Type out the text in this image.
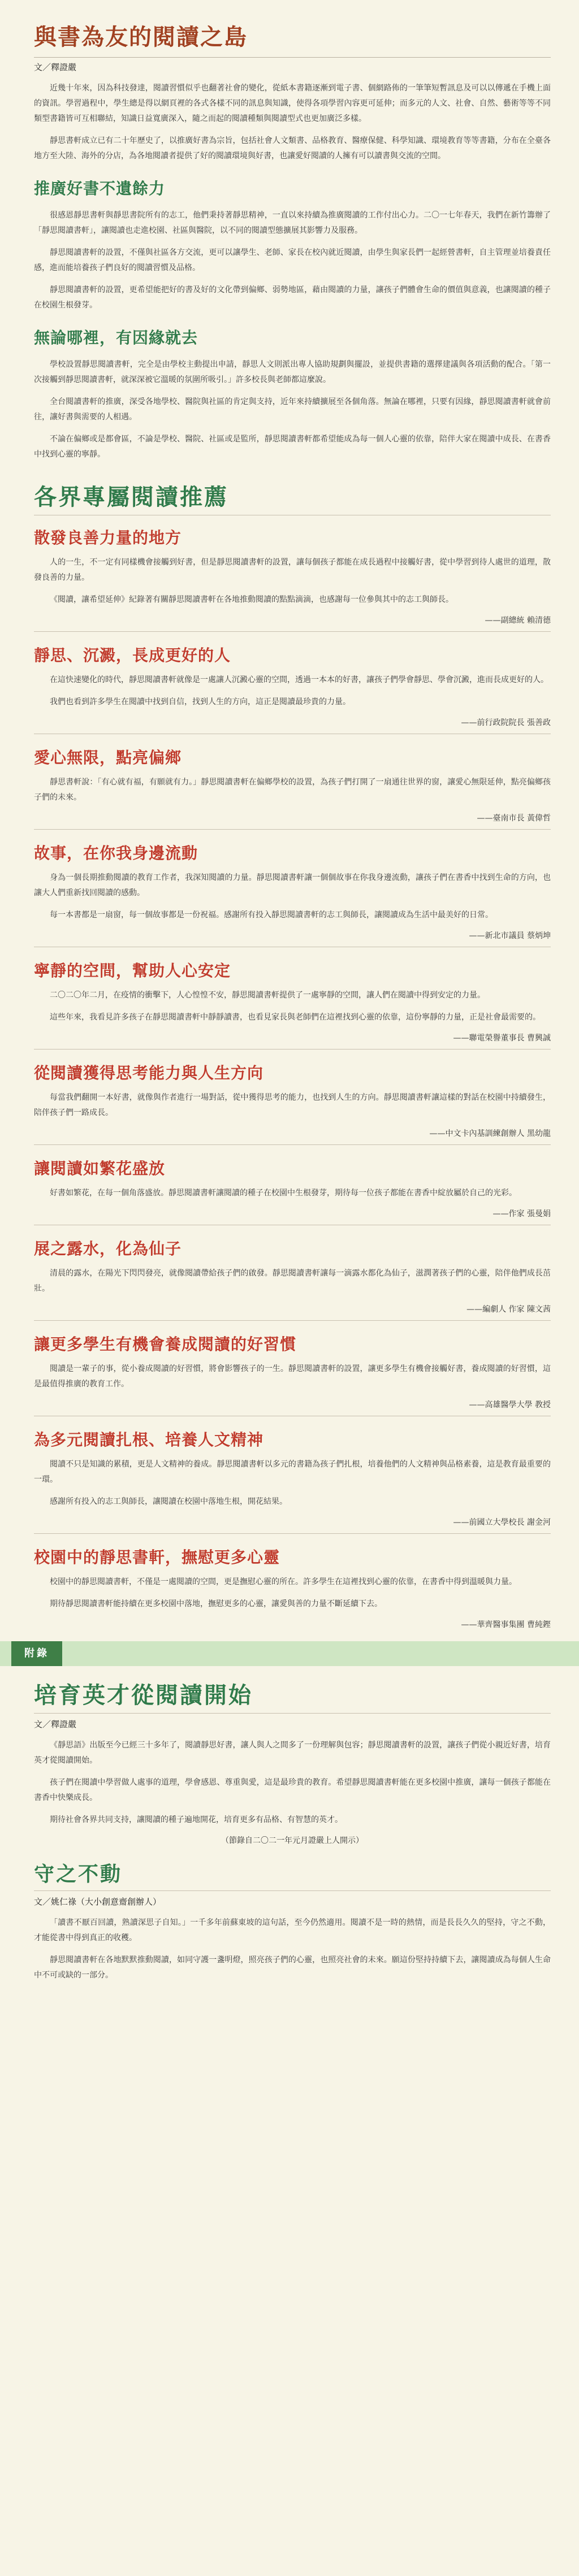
與書為友的閱讀之島
文／釋證嚴

近幾十年來，因為科技發達，閱讀習慣似乎也翻著社會的變化，從紙本書籍逐漸到電子書、個網路佈的一筆筆短暫訊息及可以以傳遞在手機上面的資訊。學習過程中，學生總是得以網頁裡的各式各樣不同的訊息與知識，使得各項學習內容更可延伸；而多元的人文、社會、自然、藝術等等不同類型書籍皆可互相聯結，知識日益寬廣深入，隨之而起的閱讀種類與閱讀型式也更加廣泛多樣。

靜思書軒成立已有二十年歷史了，以推廣好書為宗旨，包括社會人文類書、品格教育、醫療保健、科學知識、環境教育等等書籍，分布在全臺各地方至大陸、海外的分店，為各地閱讀者提供了好的閱讀環境與好書，也讓愛好閱讀的人擁有可以讀書與交流的空間。

推廣好書不遺餘力

很感恩靜思書軒與靜思書院所有的志工，他們秉持著靜思精神，一直以來持續為推廣閱讀的工作付出心力。二〇一七年春天，我們在新竹籌辦了「靜思閱讀書軒」，讓閱讀也走進校園、社區與醫院，以不同的閱讀型態擴展其影響力及服務。

靜思閱讀書軒的設置，不僅與社區各方交流，更可以讓學生、老師、家長在校內就近閱讀，由學生與家長們一起經營書軒，自主管理並培養責任感，進而能培養孩子們良好的閱讀習慣及品格。

靜思閱讀書軒的設置，更希望能把好的書及好的文化帶到偏鄉、弱勢地區，藉由閱讀的力量，讓孩子們體會生命的價值與意義，也讓閱讀的種子在校園生根發芽。

無論哪裡，有因緣就去

學校設置靜思閱讀書軒，完全是由學校主動提出申請，靜思人文則派出專人協助規劃與擺設，並提供書籍的選擇建議與各項活動的配合。「第一次接觸到靜思閱讀書軒，就深深被它溫暖的氛圍所吸引。」許多校長與老師都這麼說。

全台閱讀書軒的推廣，深受各地學校、醫院與社區的肯定與支持，近年來持續擴展至各個角落。無論在哪裡，只要有因緣，靜思閱讀書軒就會前往，讓好書與需要的人相遇。

不論在偏鄉或是都會區，不論是學校、醫院、社區或是監所，靜思閱讀書軒都希望能成為每一個人心靈的依靠，陪伴大家在閱讀中成長、在書香中找到心靈的寧靜。

各界專屬閱讀推薦
散發良善力量的地方

人的一生，不一定有同樣機會接觸到好書，但是靜思閱讀書軒的設置，讓每個孩子都能在成長過程中接觸好書，從中學習到待人處世的道理，散發良善的力量。

《閱讀，讓希望延伸》紀錄著有關靜思閱讀書軒在各地推動閱讀的點點滴滴，也感謝每一位參與其中的志工與師長。

——副總統 賴清德
靜思、沉澱，長成更好的人

在這快速變化的時代，靜思閱讀書軒就像是一處讓人沉澱心靈的空間，透過一本本的好書，讓孩子們學會靜思、學會沉澱，進而長成更好的人。

我們也看到許多學生在閱讀中找到自信，找到人生的方向，這正是閱讀最珍貴的力量。

——前行政院院長 張善政
愛心無限，點亮偏鄉

靜思書軒說：「有心就有福，有願就有力。」靜思閱讀書軒在偏鄉學校的設置，為孩子們打開了一扇通往世界的窗，讓愛心無限延伸，點亮偏鄉孩子們的未來。

——臺南市長 黃偉哲
故事，在你我身邊流動

身為一個長期推動閱讀的教育工作者，我深知閱讀的力量。靜思閱讀書軒讓一個個故事在你我身邊流動，讓孩子們在書香中找到生命的方向，也讓大人們重新找回閱讀的感動。

每一本書都是一扇窗，每一個故事都是一份祝福。感謝所有投入靜思閱讀書軒的志工與師長，讓閱讀成為生活中最美好的日常。

——新北市議員 蔡炳坤
寧靜的空間，幫助人心安定

二〇二〇年二月，在疫情的衝擊下，人心惶惶不安，靜思閱讀書軒提供了一處寧靜的空間，讓人們在閱讀中得到安定的力量。

這些年來，我看見許多孩子在靜思閱讀書軒中靜靜讀書，也看見家長與老師們在這裡找到心靈的依靠，這份寧靜的力量，正是社會最需要的。

——聯電榮譽董事長 曹興誠
從閱讀獲得思考能力與人生方向

每當我們翻開一本好書，就像與作者進行一場對話，從中獲得思考的能力，也找到人生的方向。靜思閱讀書軒讓這樣的對話在校園中持續發生，陪伴孩子們一路成長。

——中文卡內基訓練創辦人 黑幼龍
讓閱讀如繁花盛放

好書如繁花，在每一個角落盛放。靜思閱讀書軒讓閱讀的種子在校園中生根發芽，期待每一位孩子都能在書香中綻放屬於自己的光彩。

——作家 張曼娟
展之露水，化為仙子

清晨的露水，在陽光下閃閃發亮，就像閱讀帶給孩子們的啟發。靜思閱讀書軒讓每一滴露水都化為仙子，滋潤著孩子們的心靈，陪伴他們成長茁壯。

——編劇人 作家 陳文茜
讓更多學生有機會養成閱讀的好習慣

閱讀是一輩子的事，從小養成閱讀的好習慣，將會影響孩子的一生。靜思閱讀書軒的設置，讓更多學生有機會接觸好書，養成閱讀的好習慣，這是最值得推廣的教育工作。

——高雄醫學大學 教授
為多元閱讀扎根、培養人文精神

閱讀不只是知識的累積，更是人文精神的養成。靜思閱讀書軒以多元的書籍為孩子們扎根，培養他們的人文精神與品格素養，這是教育最重要的一環。

感謝所有投入的志工與師長，讓閱讀在校園中落地生根，開花結果。

——前國立大學校長 謝金河
校園中的靜思書軒，撫慰更多心靈

校園中的靜思閱讀書軒，不僅是一處閱讀的空間，更是撫慰心靈的所在。許多學生在這裡找到心靈的依靠，在書香中得到溫暖與力量。

期待靜思閱讀書軒能持續在更多校園中落地，撫慰更多的心靈，讓愛與善的力量不斷延續下去。

——華齊醫事集團 曹純鏗
附錄
培育英才從閱讀開始
文／釋證嚴

《靜思語》出版至今已經三十多年了，閱讀靜思好書，讓人與人之間多了一份理解與包容；靜思閱讀書軒的設置，讓孩子們從小親近好書，培育英才從閱讀開始。

孩子們在閱讀中學習做人處事的道理，學會感恩、尊重與愛，這是最珍貴的教育。希望靜思閱讀書軒能在更多校園中推廣，讓每一個孩子都能在書香中快樂成長。

期待社會各界共同支持，讓閱讀的種子遍地開花，培育更多有品格、有智慧的英才。

（節錄自二〇二一年元月證嚴上人開示）
守之不動
文／姚仁祿（大小創意齋創辦人）

「讀書不厭百回讀，熟讀深思子自知。」一千多年前蘇東坡的這句話，至今仍然適用。閱讀不是一時的熱情，而是長長久久的堅持，守之不動，才能從書中得到真正的收穫。

靜思閱讀書軒在各地默默推動閱讀，如同守護一盞明燈，照亮孩子們的心靈，也照亮社會的未來。願這份堅持持續下去，讓閱讀成為每個人生命中不可或缺的一部分。
